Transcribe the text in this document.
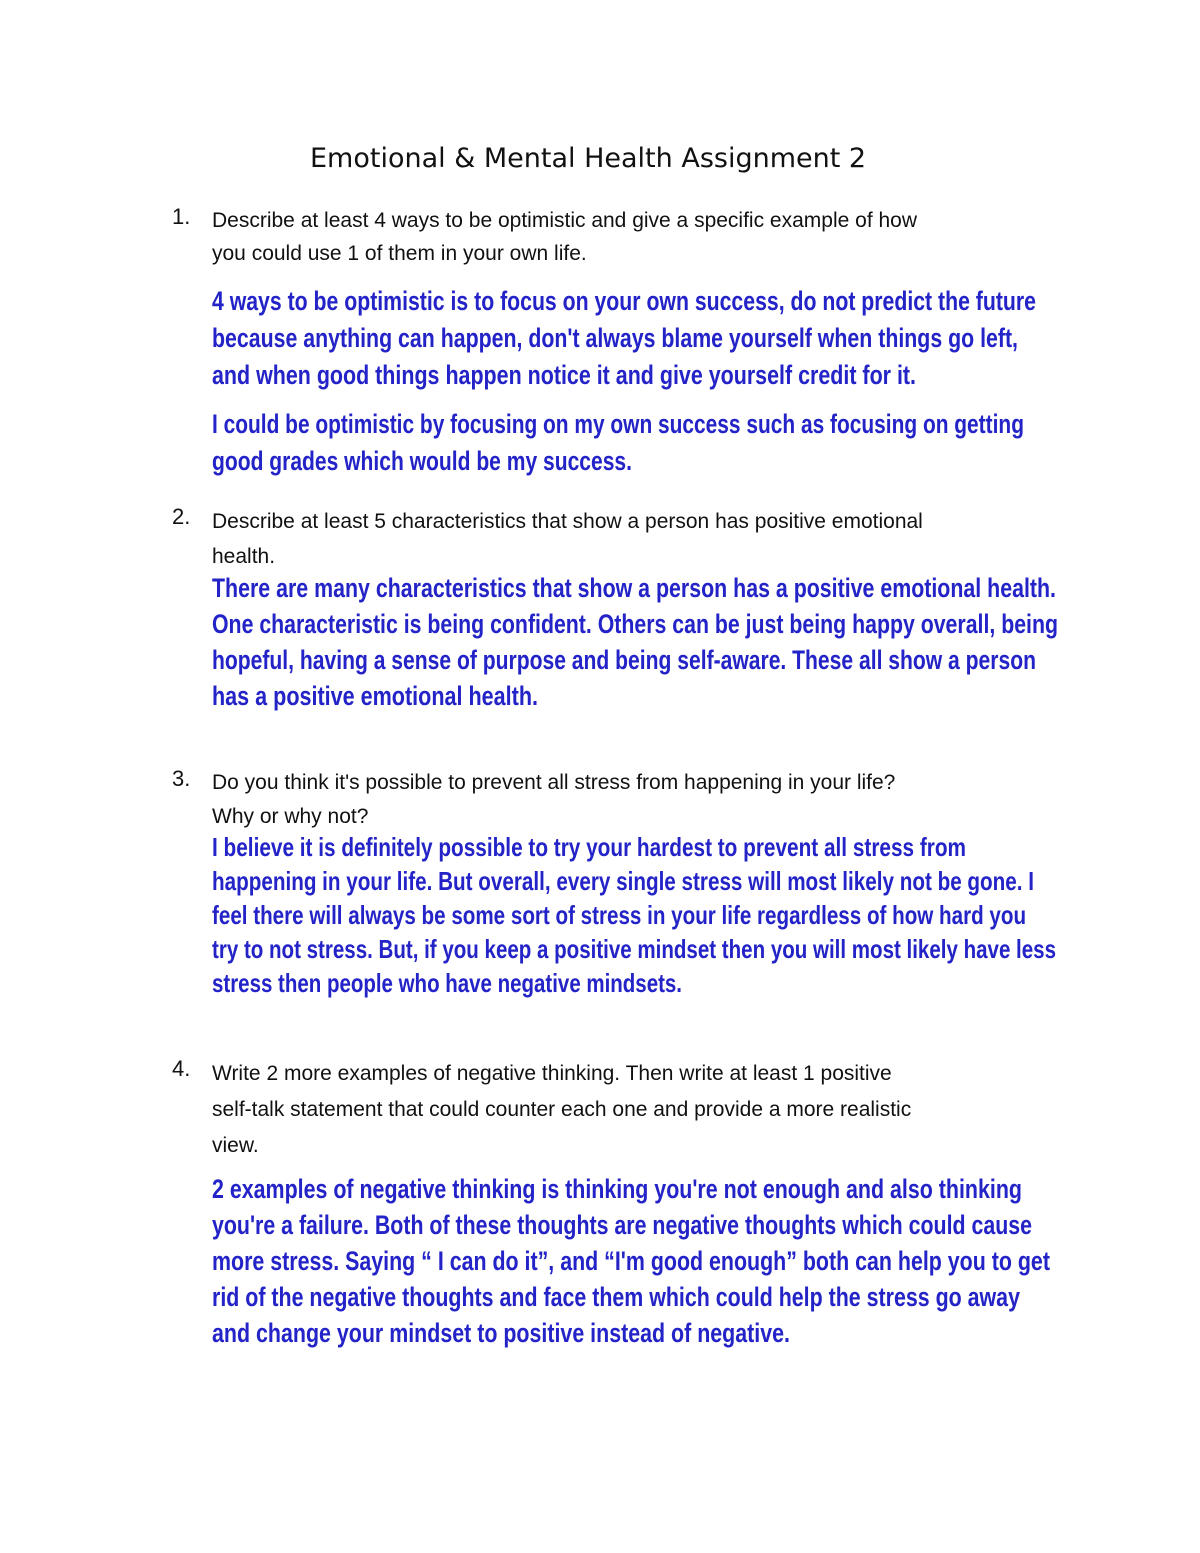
Emotional & Mental Health Assignment 2
1. Describe at least 4 ways to be optimistic and give a specific example of how
you could use 1 of them in your own life.
4 ways to be optimistic is to focus on your own success, do not predict the future
because anything can happen, don't always blame yourself when things go left,
and when good things happen notice it and give yourself credit for it.
I could be optimistic by focusing on my own success such as focusing on getting
good grades which would be my success.
2. Describe at least 5 characteristics that show a person has positive emotional
health.
There are many characteristics that show a person has a positive emotional health.
One characteristic is being confident. Others can be just being happy overall, being
hopeful, having a sense of purpose and being self-aware. These all show a person
has a positive emotional health.
3. Do you think it's possible to prevent all stress from happening in your life?
Why or why not?
I believe it is definitely possible to try your hardest to prevent all stress from
happening in your life. But overall, every single stress will most likely not be gone. I
feel there will always be some sort of stress in your life regardless of how hard you
try to not stress. But, if you keep a positive mindset then you will most likely have less
stress then people who have negative mindsets.
4. Write 2 more examples of negative thinking. Then write at least 1 positive
self-talk statement that could counter each one and provide a more realistic
view.
2 examples of negative thinking is thinking you're not enough and also thinking
you're a failure. Both of these thoughts are negative thoughts which could cause
more stress. Saying “ I can do it”, and “I'm good enough” both can help you to get
rid of the negative thoughts and face them which could help the stress go away
and change your mindset to positive instead of negative.
